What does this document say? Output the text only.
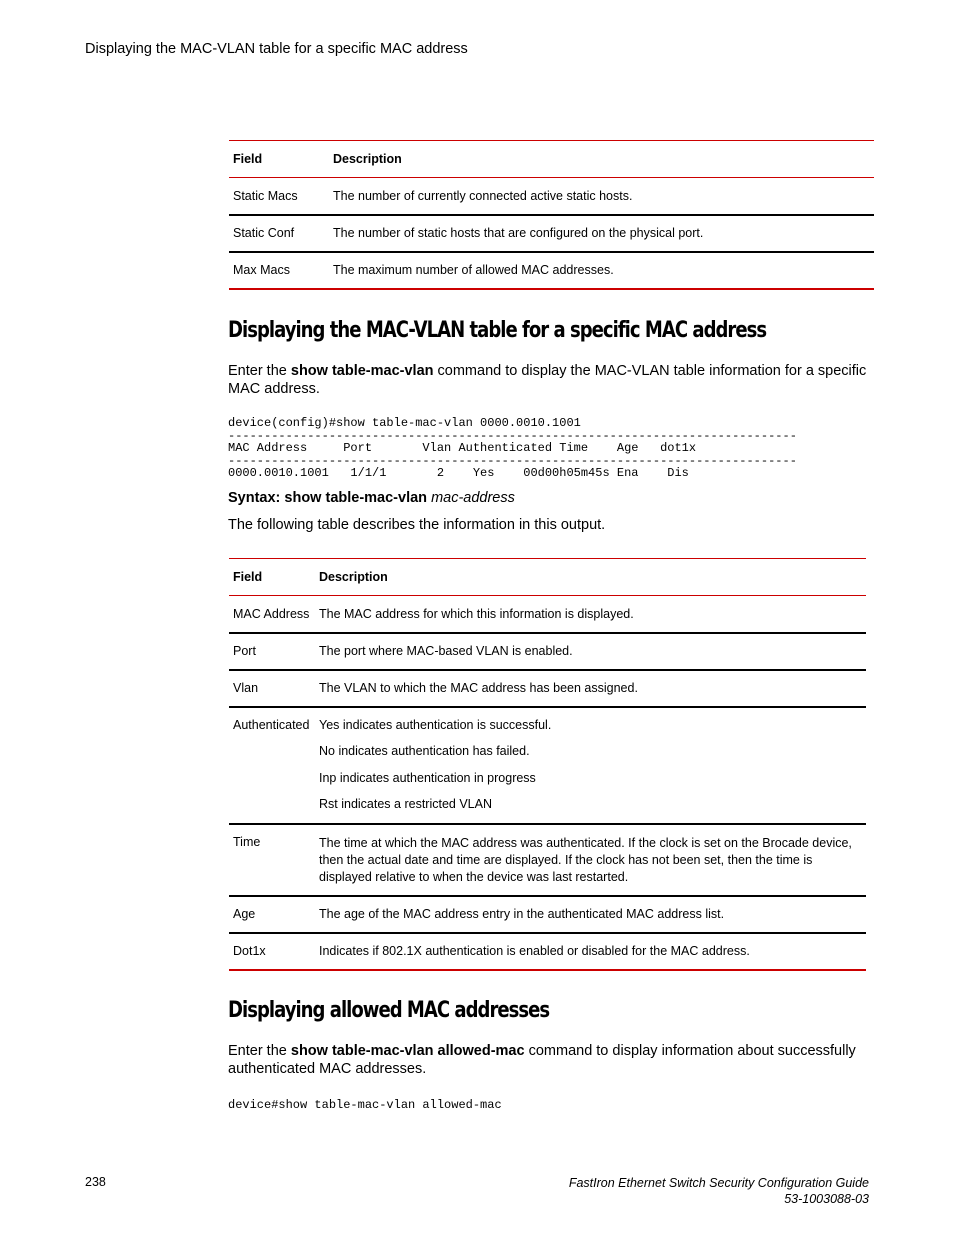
Displaying the MAC-VLAN table for a specific MAC address
Field	Description
Static Macs	The number of currently connected active static hosts.
Static Conf	The number of static hosts that are configured on the physical port.
Max Macs	The maximum number of allowed MAC addresses.
Displaying the MAC-VLAN table for a specific MAC address
Enter the show table-mac-vlan command to display the MAC-VLAN table information for a specific MAC address.
device(config)#show table-mac-vlan 0000.0010.1001
-------------------------------------------------------------------------------
MAC Address     Port       Vlan Authenticated Time    Age   dot1x
-------------------------------------------------------------------------------
0000.0010.1001   1/1/1       2    Yes    00d00h05m45s Ena    Dis
Syntax: show table-mac-vlan mac-address
The following table describes the information in this output.
Field	Description
MAC Address	The MAC address for which this information is displayed.
Port	The port where MAC-based VLAN is enabled.
Vlan	The VLAN to which the MAC address has been assigned.
Authenticated	Yes indicates authentication is successful.
No indicates authentication has failed.
Inp indicates authentication in progress
Rst indicates a restricted VLAN

Time	The time at which the MAC address was authenticated. If the clock is set on the Brocade device, then the actual date and time are displayed. If the clock has not been set, then the time is displayed relative to when the device was last restarted.
Age	The age of the MAC address entry in the authenticated MAC address list.
Dot1x	Indicates if 802.1X authentication is enabled or disabled for the MAC address.
Displaying allowed MAC addresses
Enter the show table-mac-vlan allowed-mac command to display information about successfully authenticated MAC addresses.
device#show table-mac-vlan allowed-mac
238	FastIron Ethernet Switch Security Configuration Guide
53-1003088-03
